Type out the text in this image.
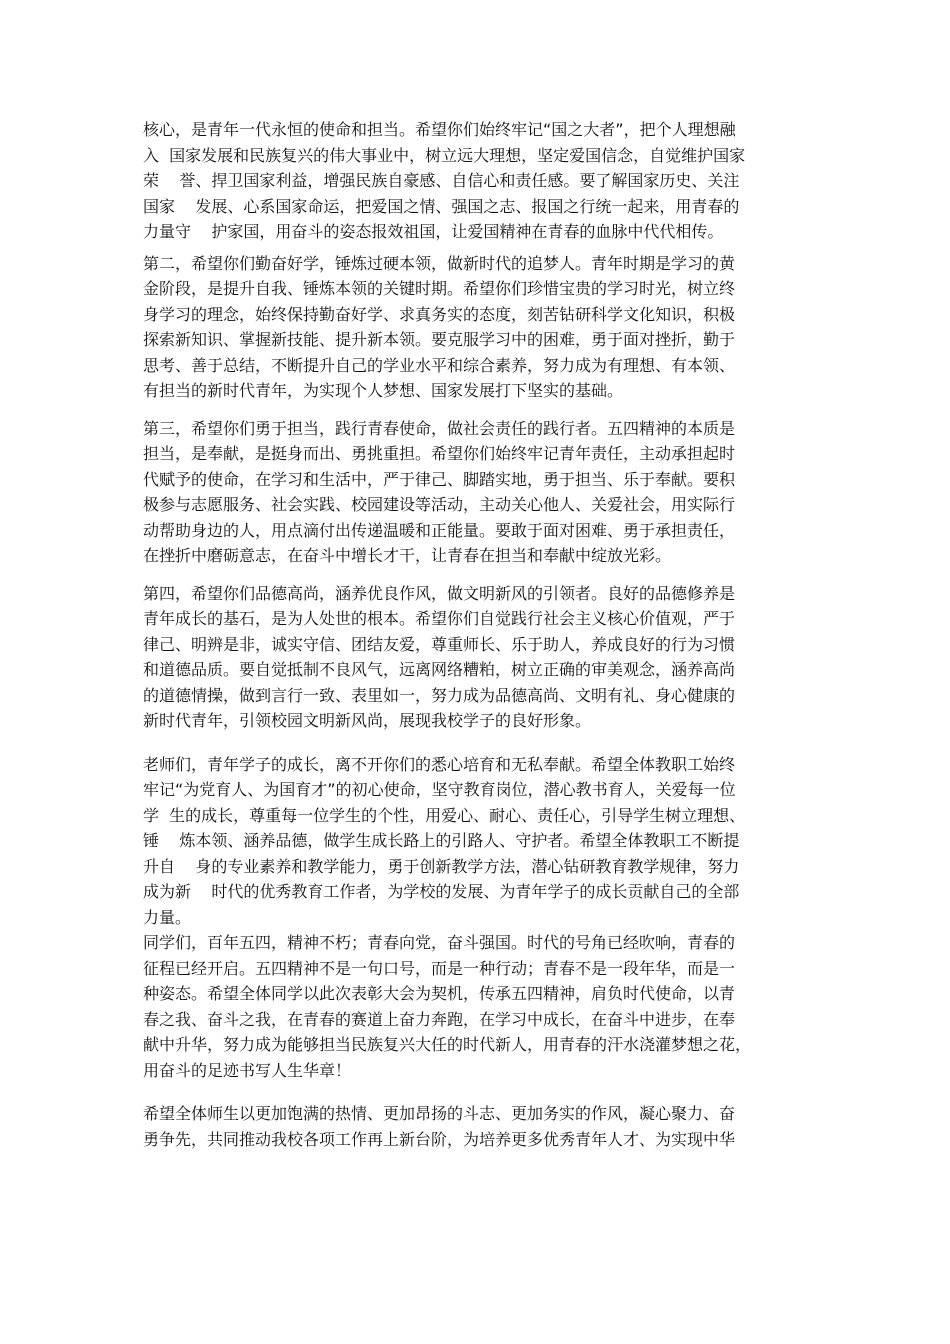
核心，是青年一代永恒的使命和担当。希望你们始终牢记“国之大者”，把个人理想融
入  国家发展和民族复兴的伟大事业中，树立远大理想，坚定爱国信念，自觉维护国家
荣    誉、捍卫国家利益，增强民族自豪感、自信心和责任感。要了解国家历史、关注
国家    发展、心系国家命运，把爱国之情、强国之志、报国之行统一起来，用青春的
力量守    护家国，用奋斗的姿态报效祖国，让爱国精神在青春的血脉中代代相传。
第二，希望你们勤奋好学，锤炼过硬本领，做新时代的追梦人。青年时期是学习的黄
金阶段，是提升自我、锤炼本领的关键时期。希望你们珍惜宝贵的学习时光，树立终
身学习的理念，始终保持勤奋好学、求真务实的态度，刻苦钻研科学文化知识，积极
探索新知识、掌握新技能、提升新本领。要克服学习中的困难，勇于面对挫折，勤于
思考、善于总结，不断提升自己的学业水平和综合素养，努力成为有理想、有本领、
有担当的新时代青年，为实现个人梦想、国家发展打下坚实的基础。
第三，希望你们勇于担当，践行青春使命，做社会责任的践行者。五四精神的本质是
担当，是奉献，是挺身而出、勇挑重担。希望你们始终牢记青年责任，主动承担起时
代赋予的使命，在学习和生活中，严于律己、脚踏实地，勇于担当、乐于奉献。要积
极参与志愿服务、社会实践、校园建设等活动，主动关心他人、关爱社会，用实际行
动帮助身边的人，用点滴付出传递温暖和正能量。要敢于面对困难、勇于承担责任，
在挫折中磨砺意志，在奋斗中增长才干，让青春在担当和奉献中绽放光彩。
第四，希望你们品德高尚，涵养优良作风，做文明新风的引领者。良好的品德修养是
青年成长的基石，是为人处世的根本。希望你们自觉践行社会主义核心价值观，严于
律己、明辨是非，诚实守信、团结友爱，尊重师长、乐于助人，养成良好的行为习惯
和道德品质。要自觉抵制不良风气，远离网络糟粕，树立正确的审美观念，涵养高尚
的道德情操，做到言行一致、表里如一，努力成为品德高尚、文明有礼、身心健康的
新时代青年，引领校园文明新风尚，展现我校学子的良好形象。
老师们，青年学子的成长，离不开你们的悉心培育和无私奉献。希望全体教职工始终
牢记“为党育人、为国育才”的初心使命，坚守教育岗位，潜心教书育人，关爱每一位
学  生的成长，尊重每一位学生的个性，用爱心、耐心、责任心，引导学生树立理想、
锤    炼本领、涵养品德，做学生成长路上的引路人、守护者。希望全体教职工不断提
升自    身的专业素养和教学能力，勇于创新教学方法，潜心钻研教育教学规律，努力
成为新    时代的优秀教育工作者，为学校的发展、为青年学子的成长贡献自己的全部
力量。
同学们，百年五四，精神不朽；青春向党，奋斗强国。时代的号角已经吹响，青春的
征程已经开启。五四精神不是一句口号，而是一种行动；青春不是一段年华，而是一
种姿态。希望全体同学以此次表彰大会为契机，传承五四精神，肩负时代使命，以青
春之我、奋斗之我，在青春的赛道上奋力奔跑，在学习中成长，在奋斗中进步，在奉
献中升华，努力成为能够担当民族复兴大任的时代新人，用青春的汗水浇灌梦想之花，
用奋斗的足迹书写人生华章！
希望全体师生以更加饱满的热情、更加昂扬的斗志、更加务实的作风，凝心聚力、奋
勇争先，共同推动我校各项工作再上新台阶，为培养更多优秀青年人才、为实现中华
